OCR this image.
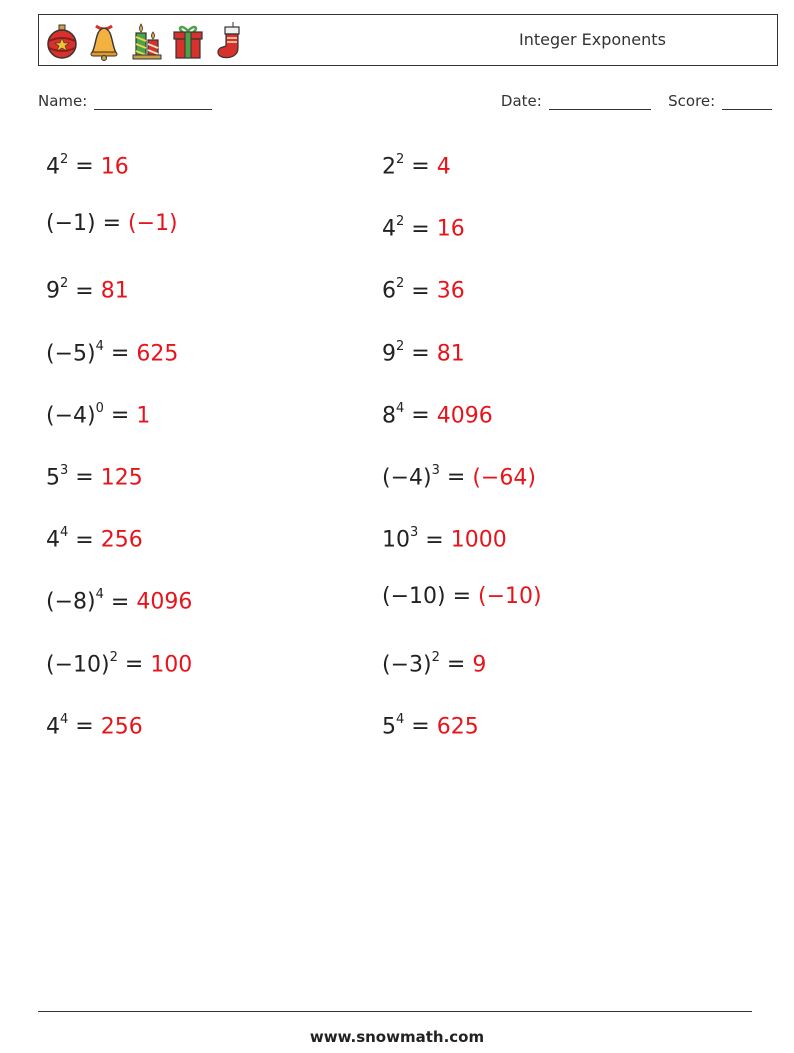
Integer Exponents
Name:	Date:	Score:
$4^2 = 16$	$2^2 = 4$
(−1) = (−1)	$4^2 = 16$
$9^2 = 81$	$6^2 = 36$
$(-5)^4 = 625$	$9^2 = 81$
$(-4)^0 = 1$	$8^4 = 4096$
$5^3 = 125$	$(-4)^3 = (-64)$
$4^4 = 256$	$10^3 = 1000$
$(-8)^4 = 4096$	(−10) = (−10)
$(-10)^2 = 100$	$(-3)^2 = 9$
$4^4 = 256$	$5^4 = 625$
www.snowmath.com
